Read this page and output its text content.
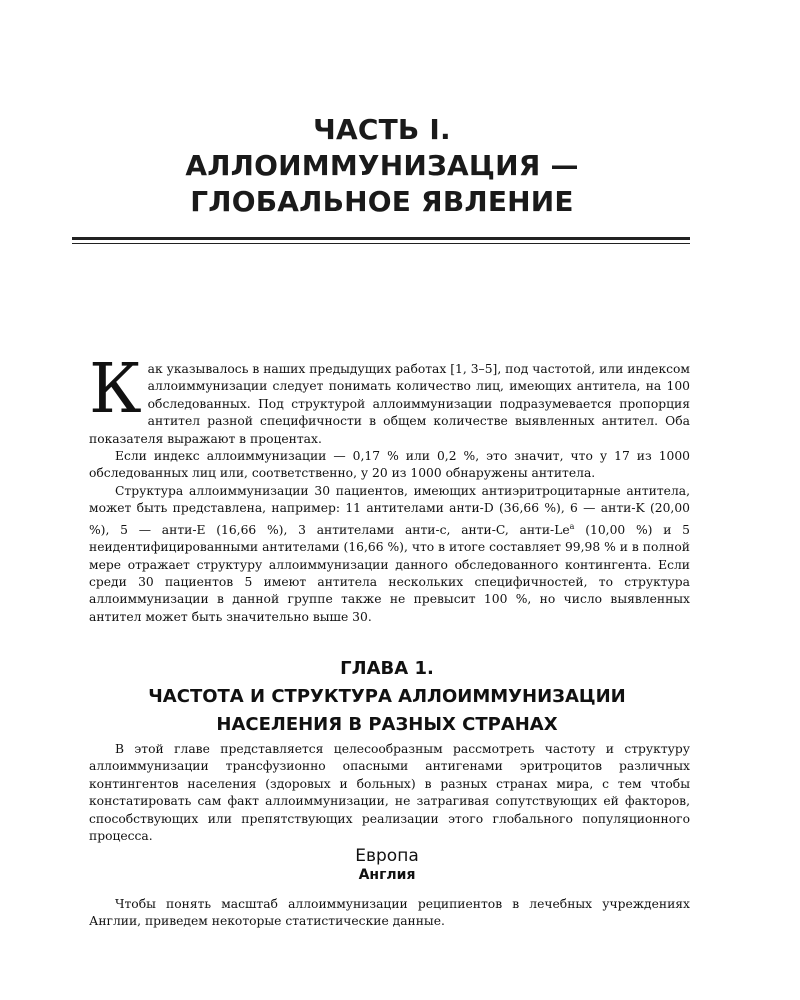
ЧАСТЬ I.
АЛЛОИММУНИЗАЦИЯ —
ГЛОБАЛЬНОЕ ЯВЛЕНИЕ
К ак указывалось в наших предыдущих работах [1, 3–5], под частотой, или индексом аллоиммунизации следует понимать количество лиц, имеющих антитела, на 100 обследованных. Под структурой аллоиммунизации подразумевается пропорция антител разной специфичности в общем количестве выявленных антител. Оба показателя выражают в процентах.

Если индекс аллоиммунизации — 0,17 % или 0,2 %, это значит, что у 17 из 1000 обследованных лиц или, соответственно, у 20 из 1000 обнаружены антитела.

Структура аллоиммунизации 30 пациентов, имеющих антиэритроцитарные антитела, может быть представлена, например: 11 антителами анти-D (36,66 %), 6 — анти-K (20,00 %), 5 — анти-E (16,66 %), 3 антителами анти-c, анти-C, анти-Le$^a$ (10,00 %) и 5 неидентифицированными антителами (16,66 %), что в итоге составляет 99,98 % и в полной мере отражает структуру аллоиммунизации данного обследованного контингента. Если среди 30 пациентов 5 имеют антитела нескольких специфичностей, то структура аллоиммунизации в данной группе также не превысит 100 %, но число выявленных антител может быть значительно выше 30.

ГЛАВА 1.
ЧАСТОТА И СТРУКТУРА АЛЛОИММУНИЗАЦИИ
НАСЕЛЕНИЯ В РАЗНЫХ СТРАНАХ

В этой главе представляется целесообразным рассмотреть частоту и структуру аллоиммунизации трансфузионно опасными антигенами эритроцитов различных контингентов населения (здоровых и больных) в разных странах мира, с тем чтобы констатировать сам факт аллоиммунизации, не затрагивая сопутствующих ей факторов, способствующих или препятствующих реализации этого глобального популяционного процесса.

Европа
Англия

Чтобы понять масштаб аллоиммунизации реципиентов в лечебных учреждениях Англии, приведем некоторые статистические данные.
